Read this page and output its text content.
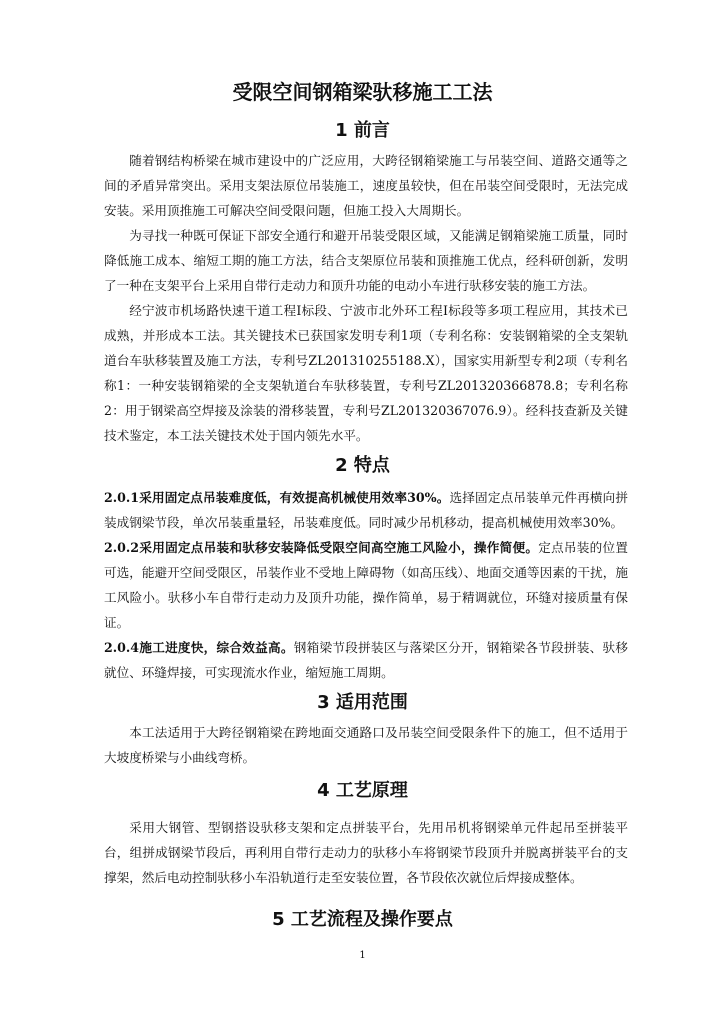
受限空间钢箱梁驮移施工工法
1 前言

随着钢结构桥梁在城市建设中的广泛应用，大跨径钢箱梁施工与吊装空间、道路交通等之间的矛盾异常突出。采用支架法原位吊装施工，速度虽较快，但在吊装空间受限时，无法完成安装。采用顶推施工可解决空间受限问题，但施工投入大周期长。

为寻找一种既可保证下部安全通行和避开吊装受限区域，又能满足钢箱梁施工质量，同时降低施工成本、缩短工期的施工方法，结合支架原位吊装和顶推施工优点，经科研创新，发明了一种在支架平台上采用自带行走动力和顶升功能的电动小车进行驮移安装的施工方法。

经宁波市机场路快速干道工程Ⅰ标段、宁波市北外环工程Ⅰ标段等多项工程应用，其技术已成熟，并形成本工法。其关键技术已获国家发明专利1项（专利名称：安装钢箱梁的全支架轨道台车驮移装置及施工方法，专利号ZL201310255188.X），国家实用新型专利2项（专利名称1：一种安装钢箱梁的全支架轨道台车驮移装置，专利号ZL201320366878.8；专利名称2：用于钢梁高空焊接及涂装的滑移装置，专利号ZL201320367076.9）。经科技查新及关键技术鉴定，本工法关键技术处于国内领先水平。

2 特点

2.0.1采用固定点吊装难度低，有效提高机械使用效率30%。选择固定点吊装单元件再横向拼装成钢梁节段，单次吊装重量轻，吊装难度低。同时减少吊机移动，提高机械使用效率30%。

2.0.2采用固定点吊装和驮移安装降低受限空间高空施工风险小，操作简便。定点吊装的位置可选，能避开空间受限区，吊装作业不受地上障碍物（如高压线）、地面交通等因素的干扰，施工风险小。驮移小车自带行走动力及顶升功能，操作简单，易于精调就位，环缝对接质量有保证。

2.0.4施工进度快，综合效益高。钢箱梁节段拼装区与落梁区分开，钢箱梁各节段拼装、驮移就位、环缝焊接，可实现流水作业，缩短施工周期。

3 适用范围

本工法适用于大跨径钢箱梁在跨地面交通路口及吊装空间受限条件下的施工，但不适用于大坡度桥梁与小曲线弯桥。

4 工艺原理

采用大钢管、型钢搭设驮移支架和定点拼装平台，先用吊机将钢梁单元件起吊至拼装平台，组拼成钢梁节段后，再利用自带行走动力的驮移小车将钢梁节段顶升并脱离拼装平台的支撑架，然后电动控制驮移小车沿轨道行走至安装位置，各节段依次就位后焊接成整体。

5 工艺流程及操作要点
1
